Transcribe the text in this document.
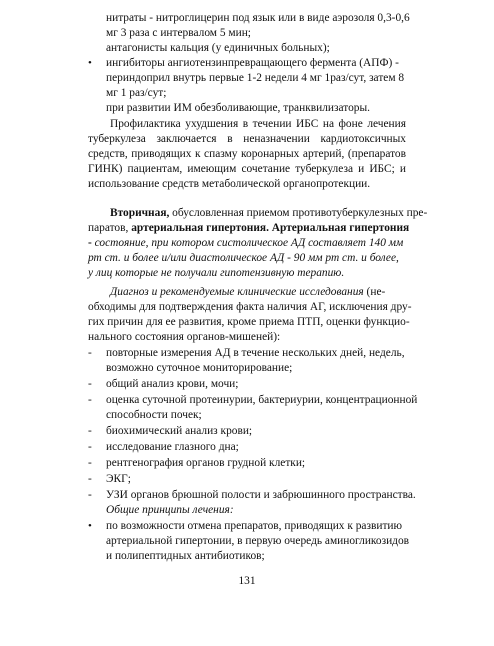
нитраты - нитроглицерин под язык или в виде аэрозоля 0,3-0,6

мг 3 раза с интервалом 5 мин;

антагонисты кальция (у единичных больных);

• ингибиторы ангиотензинпревращающего фермента (АПФ) -

периндоприл внутрь первые 1-2 недели 4 мг 1раз/сут, затем 8

мг 1 раз/сут;

при развитии ИМ обезболивающие, транквилизаторы.

Профилактика ухудшения в течении ИБС на фоне лечения

туберкулеза заключается в неназначении кардиотоксичных

средств, приводящих к спазму коронарных артерий, (препаратов

ГИНК) пациентам, имеющим сочетание туберкулеза и ИБС; и

использование средств метаболической органопротекции.

Вторичная, обусловленная приемом противотуберкулезных пре-

паратов, артериальная гипертония. Артериальная гипертония

- состояние, при котором систолическое АД составляет 140 мм

рт ст. и более и/или диастолическое АД - 90 мм рт ст. и более,

у лиц которые не получали гипотензивную терапию.

Диагноз и рекомендуемые клинические исследования (не-

обходимы для подтверждения факта наличия АГ, исключения дру-

гих причин для ее развития, кроме приема ПТП, оценки функцио-

нального состояния органов-мишеней):

- повторные измерения АД в течение нескольких дней, недель,

возможно суточное мониторирование;

- общий анализ крови, мочи;

- оценка суточной протеинурии, бактериурии, концентрационной

способности почек;

- биохимический анализ крови;

- исследование глазного дна;

- рентгенография органов грудной клетки;

- ЭКГ;

- УЗИ органов брюшной полости и забрюшинного пространства.

Общие принципы лечения:

• по возможности отмена препаратов, приводящих к развитию

артериальной гипертонии, в первую очередь аминогликозидов

и полипептидных антибиотиков;

131
